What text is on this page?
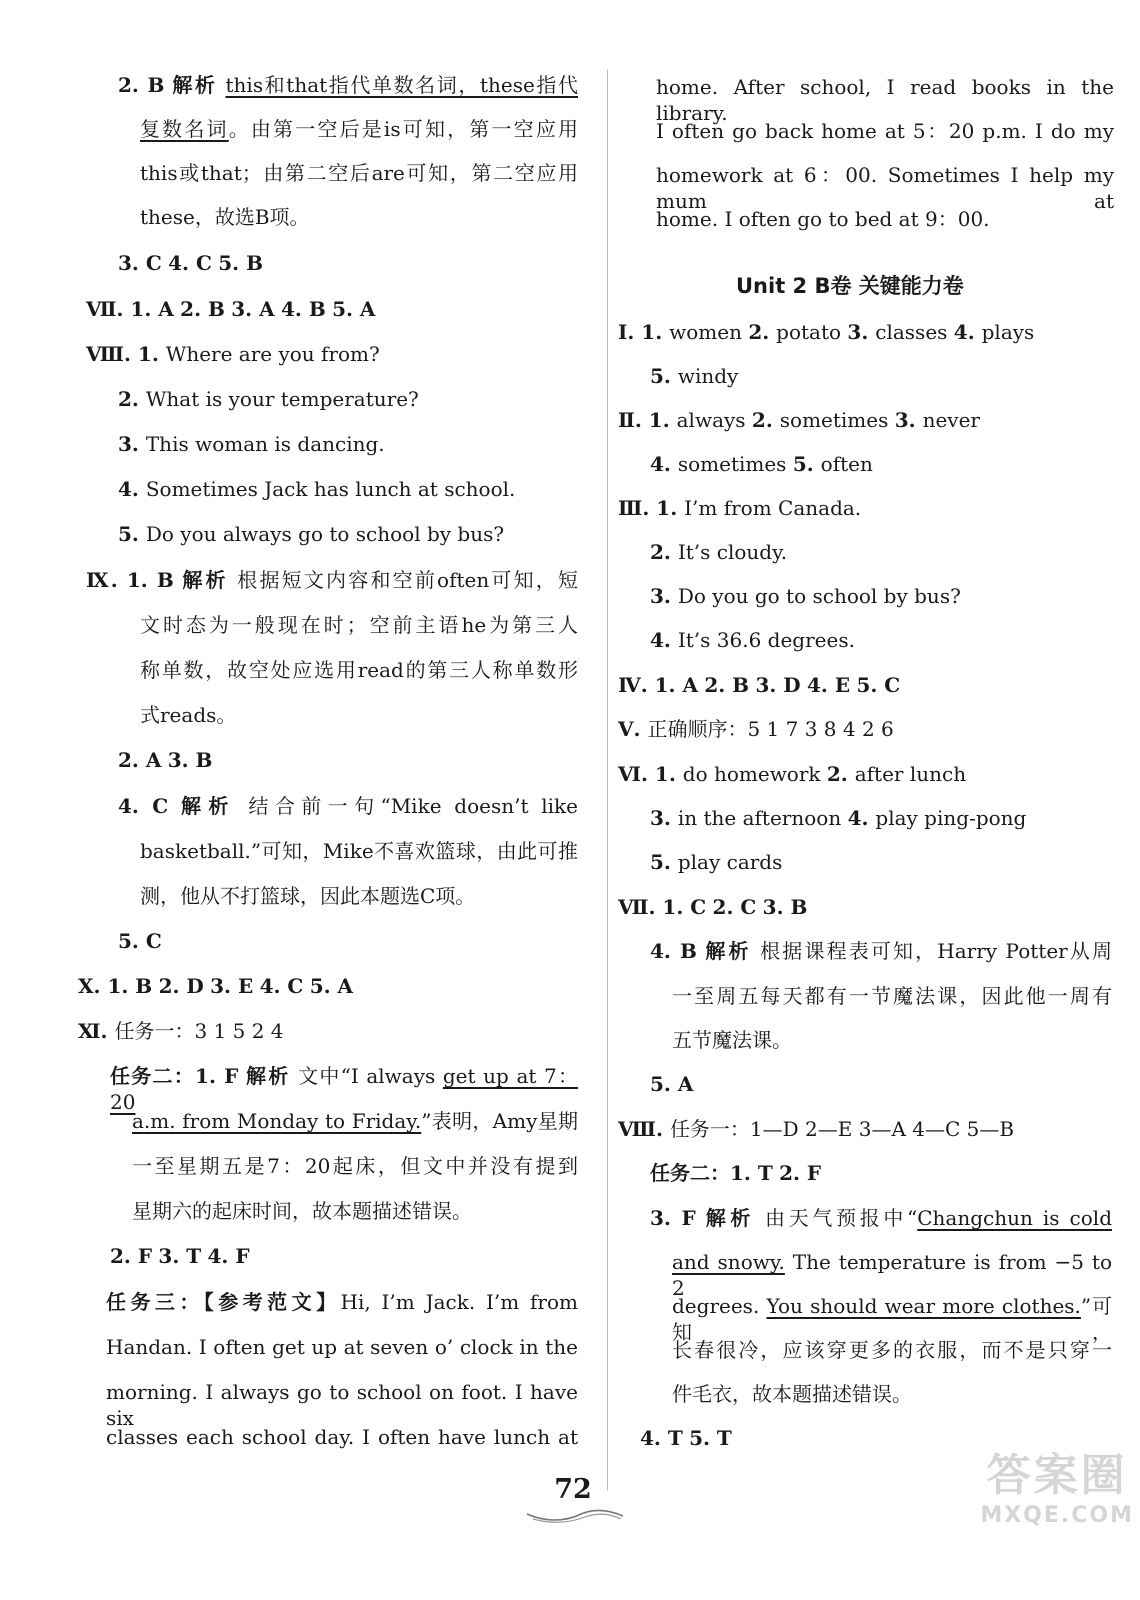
2. B 解析 this和that指代单数名词，these指代
复数名词。由第一空后是is可知，第一空应用
this或that；由第二空后are可知，第二空应用
these，故选B项。
3. C 4. C 5. B
Ⅶ. 1. A 2. B 3. A 4. B 5. A
Ⅷ. 1. Where are you from?
2. What is your temperature?
3. This woman is dancing.
4. Sometimes Jack has lunch at school.
5. Do you always go to school by bus?
Ⅸ. 1. B 解析 根据短文内容和空前often可知，短
文时态为一般现在时；空前主语he为第三人
称单数，故空处应选用read的第三人称单数形
式reads。
2. A 3. B
4. C 解析 结合前一句“Mike doesn’t like
basketball.”可知，Mike不喜欢篮球，由此可推
测，他从不打篮球，因此本题选C项。
5. C
Ⅹ. 1. B 2. D 3. E 4. C 5. A
Ⅺ. 任务一：3 1 5 2 4
任务二：1. F 解析 文中“I always get up at 7：20
a.m. from Monday to Friday.”表明，Amy星期
一至星期五是7：20起床，但文中并没有提到
星期六的起床时间，故本题描述错误。
2. F 3. T 4. F
任务三：【参考范文】Hi, I’m Jack. I’m from
Handan. I often get up at seven o’ clock in the
morning. I always go to school on foot. I have six
classes each school day. I often have lunch at
Unit 2 B卷 关键能力卷
home. After school, I read books in the library.
I often go back home at 5：20 p.m. I do my
homework at 6：00. Sometimes I help my mum at
home. I often go to bed at 9：00.
Ⅰ. 1. women 2. potato 3. classes 4. plays
5. windy
Ⅱ. 1. always 2. sometimes 3. never
4. sometimes 5. often
Ⅲ. 1. I’m from Canada.
2. It’s cloudy.
3. Do you go to school by bus?
4. It’s 36.6 degrees.
Ⅳ. 1. A 2. B 3. D 4. E 5. C
Ⅴ. 正确顺序：5 1 7 3 8 4 2 6
Ⅵ. 1. do homework 2. after lunch
3. in the afternoon 4. play ping-pong
5. play cards
Ⅶ. 1. C 2. C 3. B
4. B 解析 根据课程表可知，Harry Potter从周
一至周五每天都有一节魔法课，因此他一周有
五节魔法课。
5. A
Ⅷ. 任务一：1—D 2—E 3—A 4—C 5—B
任务二：1. T 2. F
3. F 解析 由天气预报中“Changchun is cold
and snowy. The temperature is from −5 to 2
degrees. You should wear more clothes.”可知，
长春很冷，应该穿更多的衣服，而不是只穿一
件毛衣，故本题描述错误。
4. T 5. T
72	答案圈
MXQE.COM
